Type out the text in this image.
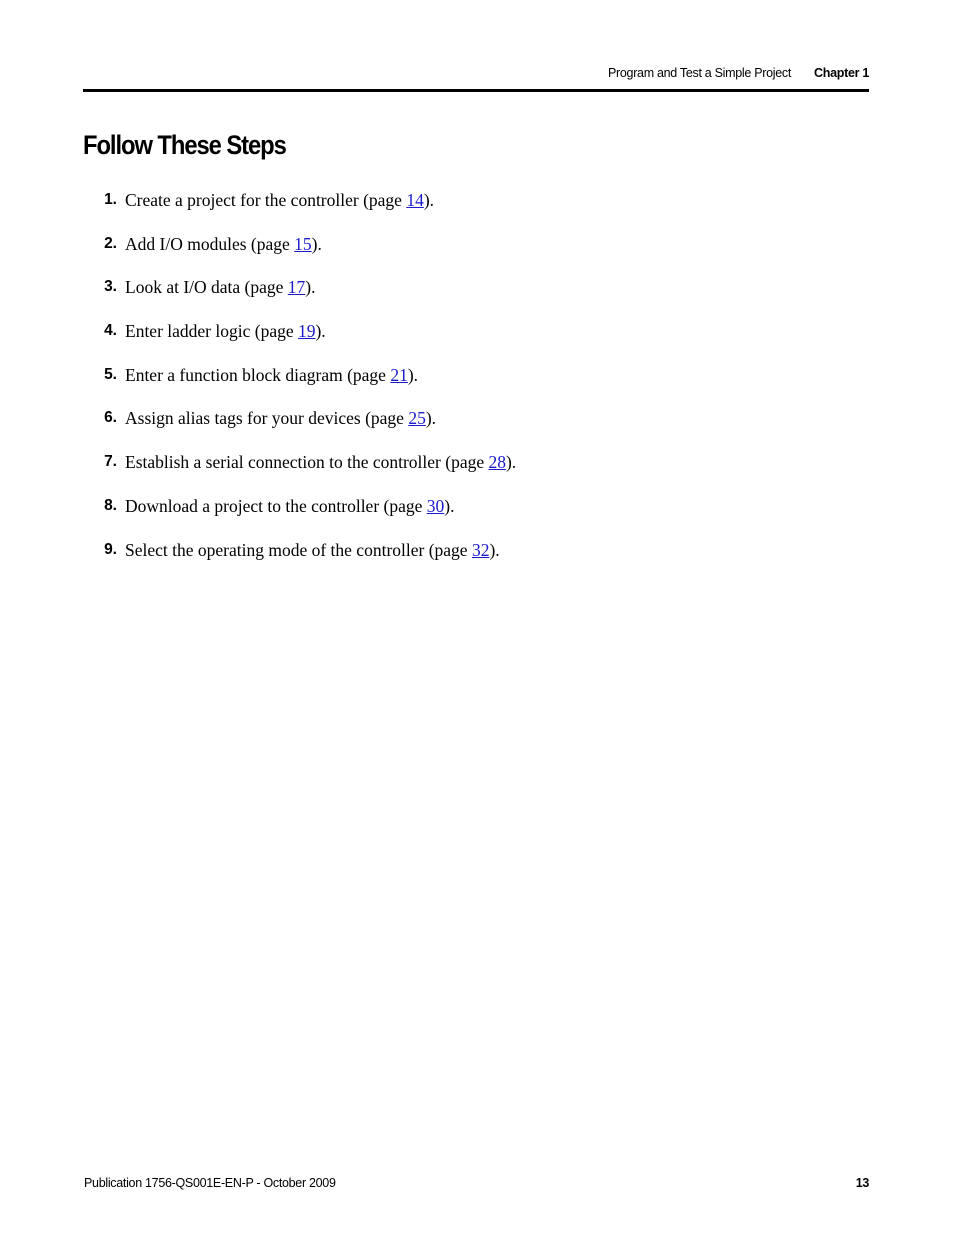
Program and Test a Simple Project Chapter 1
Follow These Steps
1. Create a project for the controller (page 14).
2. Add I/O modules (page 15).
3. Look at I/O data (page 17).
4. Enter ladder logic (page 19).
5. Enter a function block diagram (page 21).
6. Assign alias tags for your devices (page 25).
7. Establish a serial connection to the controller (page 28).
8. Download a project to the controller (page 30).
9. Select the operating mode of the controller (page 32).
Publication 1756-QS001E-EN-P - October 2009	13
